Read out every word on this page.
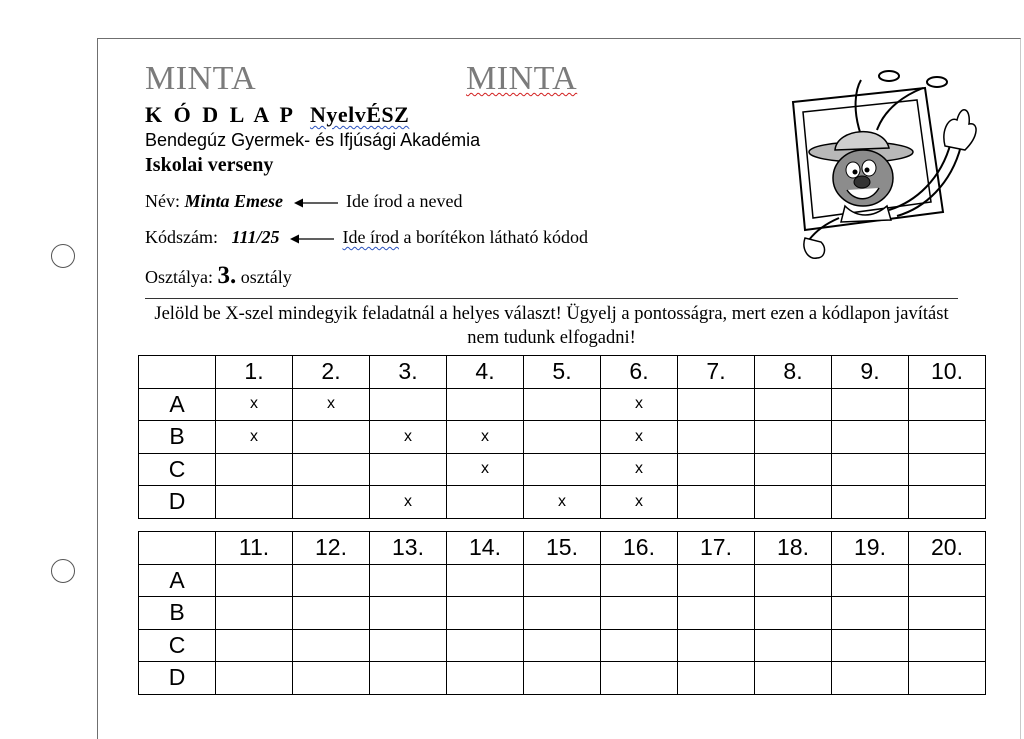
MINTA	MINTA
K Ó D L A P NyelvÉSZ
Bendegúz Gyermek- és Ifjúsági Akadémia
Iskolai verseny
Név: Minta Emese	Ide írod a neved
Kódszám: 111/25	Ide írod a borítékon látható kódod
Osztálya: 3. osztály
Jelöld be X-szel mindegyik feladatnál a helyes választ! Ügyelj a pontosságra, mert ezen a kódlapon javítást nem tudunk elfogadni!
	1.	2.	3.	4.	5.	6.	7.	8.	9.	10.
A	x	x				x				
B	x		x	x		x				
C				x		x				
D			x		x	x				
	11.	12.	13.	14.	15.	16.	17.	18.	19.	20.
A										
B										
C										
D										
